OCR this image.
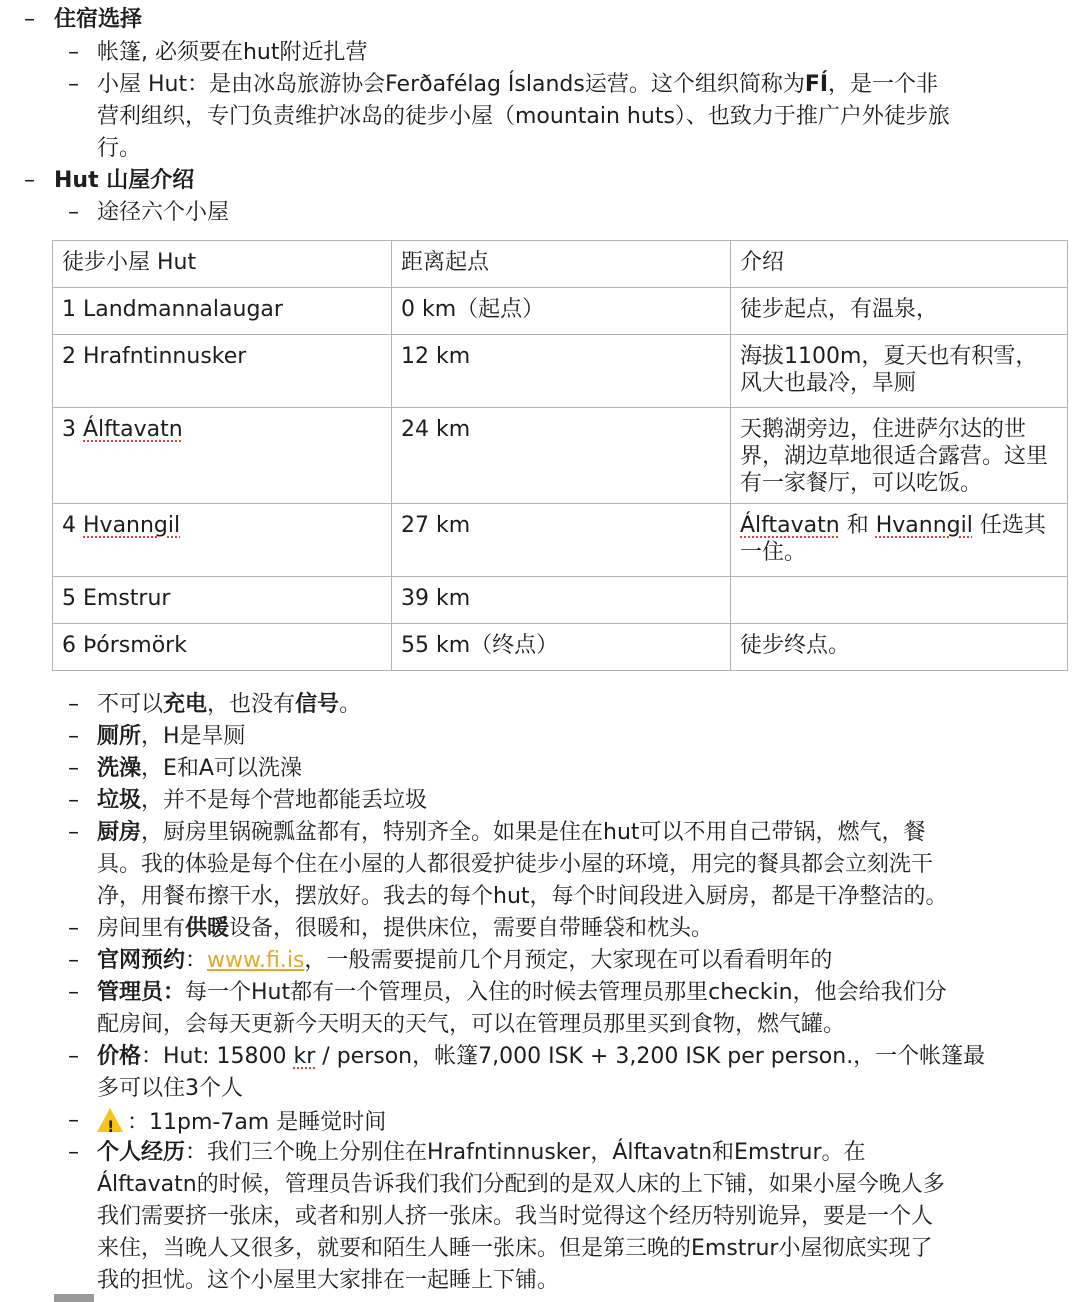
– 住宿选择
– 帐篷, 必须要在hut附近扎营
– 小屋 Hut：是由冰岛旅游协会Ferðafélag Íslands运营。这个组织简称为FÍ，是一个非
营利组织，专门负责维护冰岛的徒步小屋（mountain huts）、也致力于推广户外徒步旅
行。
– Hut 山屋介绍
– 途径六个小屋
徒步小屋 Hut	距离起点	介绍
1 Landmannalaugar	0 km（起点）	徒步起点，有温泉，
2 Hrafntinnusker	12 km	海拔1100m，夏天也有积雪，风大也最冷，旱厕
3 Álftavatn	24 km	天鹅湖旁边，住进萨尔达的世界，湖边草地很适合露营。这里有一家餐厅，可以吃饭。
4 Hvanngil	27 km	Álftavatn 和 Hvanngil 任选其一住。
5 Emstrur	39 km	
6 Þórsmörk	55 km（终点）	徒步终点。
– 不可以充电，也没有信号。
– 厕所，H是旱厕
– 洗澡，E和A可以洗澡
– 垃圾，并不是每个营地都能丢垃圾
– 厨房，厨房里锅碗瓢盆都有，特别齐全。如果是住在hut可以不用自己带锅，燃气，餐
具。我的体验是每个住在小屋的人都很爱护徒步小屋的环境，用完的餐具都会立刻洗干
净，用餐布擦干水，摆放好。我去的每个hut，每个时间段进入厨房，都是干净整洁的。
– 房间里有供暖设备，很暖和，提供床位，需要自带睡袋和枕头。
– 官网预约：www.fi.is，一般需要提前几个月预定，大家现在可以看看明年的
– 管理员：每一个Hut都有一个管理员，入住的时候去管理员那里checkin，他会给我们分
配房间，会每天更新今天明天的天气，可以在管理员那里买到食物，燃气罐。
– 价格：Hut: 15800 kr / person，帐篷7,000 ISK + 3,200 ISK per person.，一个帐篷最
多可以住3个人
– !	：11pm-7am 是睡觉时间
– 个人经历：我们三个晚上分别住在Hrafntinnusker，Álftavatn和Emstrur。在
Álftavatn的时候，管理员告诉我们我们分配到的是双人床的上下铺，如果小屋今晚人多
我们需要挤一张床，或者和别人挤一张床。我当时觉得这个经历特别诡异，要是一个人
来住，当晚人又很多，就要和陌生人睡一张床。但是第三晚的Emstrur小屋彻底实现了
我的担忧。这个小屋里大家排在一起睡上下铺。
